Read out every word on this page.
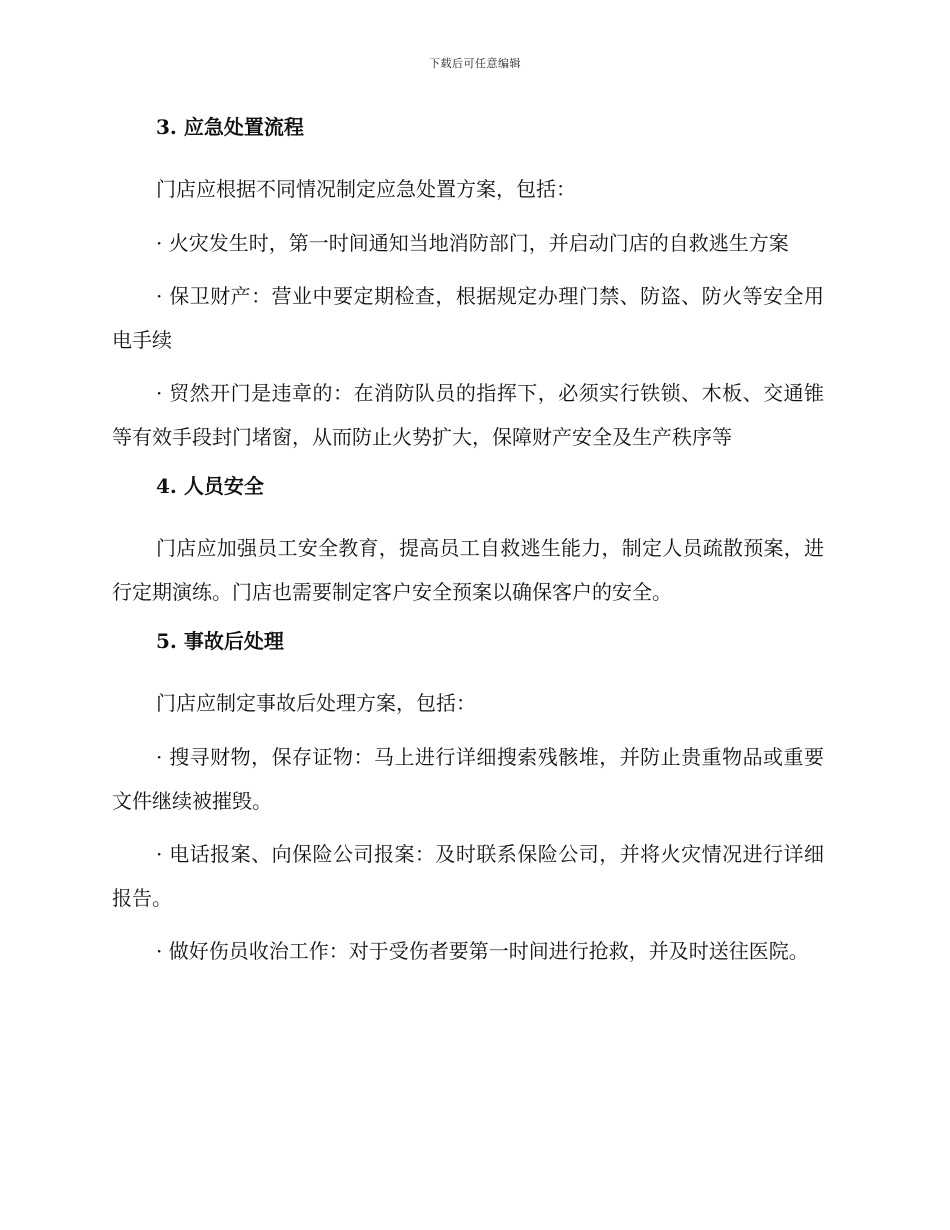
下载后可任意编辑
3. 应急处置流程

门店应根据不同情况制定应急处置方案，包括：

· 火灾发生时，第一时间通知当地消防部门，并启动门店的自救逃生方案

· 保卫财产：营业中要定期检查，根据规定办理门禁、防盗、防火等安全用电手续

· 贸然开门是违章的：在消防队员的指挥下，必须实行铁锁、木板、交通锥等有效手段封门堵窗，从而防止火势扩大，保障财产安全及生产秩序等

4. 人员安全

门店应加强员工安全教育，提高员工自救逃生能力，制定人员疏散预案，进行定期演练。门店也需要制定客户安全预案以确保客户的安全。

5. 事故后处理

门店应制定事故后处理方案，包括：

· 搜寻财物，保存证物：马上进行详细搜索残骸堆，并防止贵重物品或重要文件继续被摧毁。

· 电话报案、向保险公司报案：及时联系保险公司，并将火灾情况进行详细报告。

· 做好伤员收治工作：对于受伤者要第一时间进行抢救，并及时送往医院。
